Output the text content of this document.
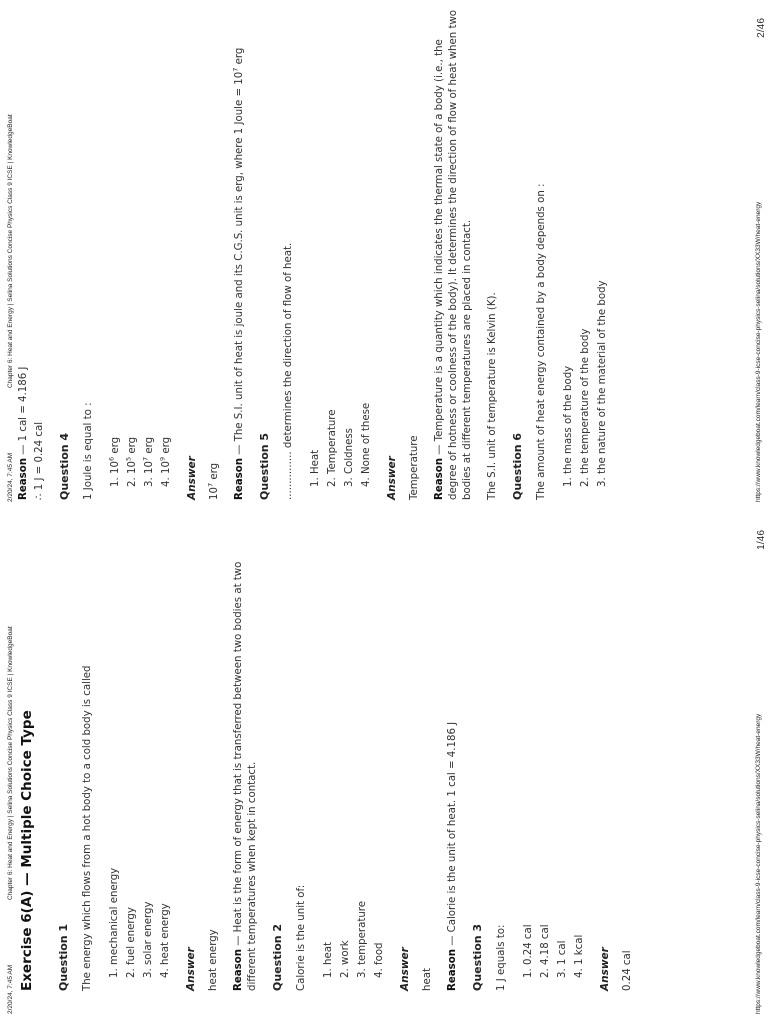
2/20/24, 7:45 AM
Chapter 6: Heat and Energy | Selina Solutions Concise Physics Class 9 ICSE | KnowledgeBoat Exercise 6(A) — Multiple Choice Type Question 1 The energy which flows from a hot body to a cold body is called 1. mechanical energy 2. fuel energy 3. solar energy 4. heat energy
Answer heat energy Reason — Heat is the form of energy that is transferred between two bodies at two different temperatures when kept in contact. Question 2 Calorie is the unit of: 1. heat 2. work 3. temperature 4. food Answer heat Reason — Calorie is the unit of heat. 1 cal = 4.186 J
Question 3 1 J equals to: 1. 0.24 cal 2. 4.18 cal 3. 1 cal 4. 1 kcal Answer 0.24 cal	https://www.knowledgeboat.com/learn/class-9-icse-concise-physics-selina/solutions/XX33W/heat-energy
1/46
2/20/24, 7:45 AM
Chapter 6: Heat and Energy | Selina Solutions Concise Physics Class 9 ICSE | KnowledgeBoat
Reason — 1 cal = 4.186 J
∴ 1 J = 0.24 cal Question 4 1 Joule is equal to : 1. $10^6$ erg
2. $10^5$ erg
3. $10^7$ erg
4. $10^9$ erg
Answer $10^7$ erg Reason — The S.I. unit of heat is joule and its C.G.S. unit is erg, where 1 Joule = $10^7$ erg
Question 5 ............... determines the direction of flow of heat. 1. Heat 2. Temperature 3. Coldness 4. None of these
Answer Temperature Reason — Temperature is a quantity which indicates the thermal state of a body (i.e., the degree of hotness or coolness of the body). It determines the direction of flow of heat when two bodies at different temperatures are placed in contact. The S.I. unit of temperature is Kelvin (K). Question 6 The amount of heat energy contained by a body depends on : 1. the mass of the body 2. the temperature of the body 3. the nature of the material of the body	https://www.knowledgeboat.com/learn/class-9-icse-concise-physics-selina/solutions/XX33W/heat-energy
2/46
